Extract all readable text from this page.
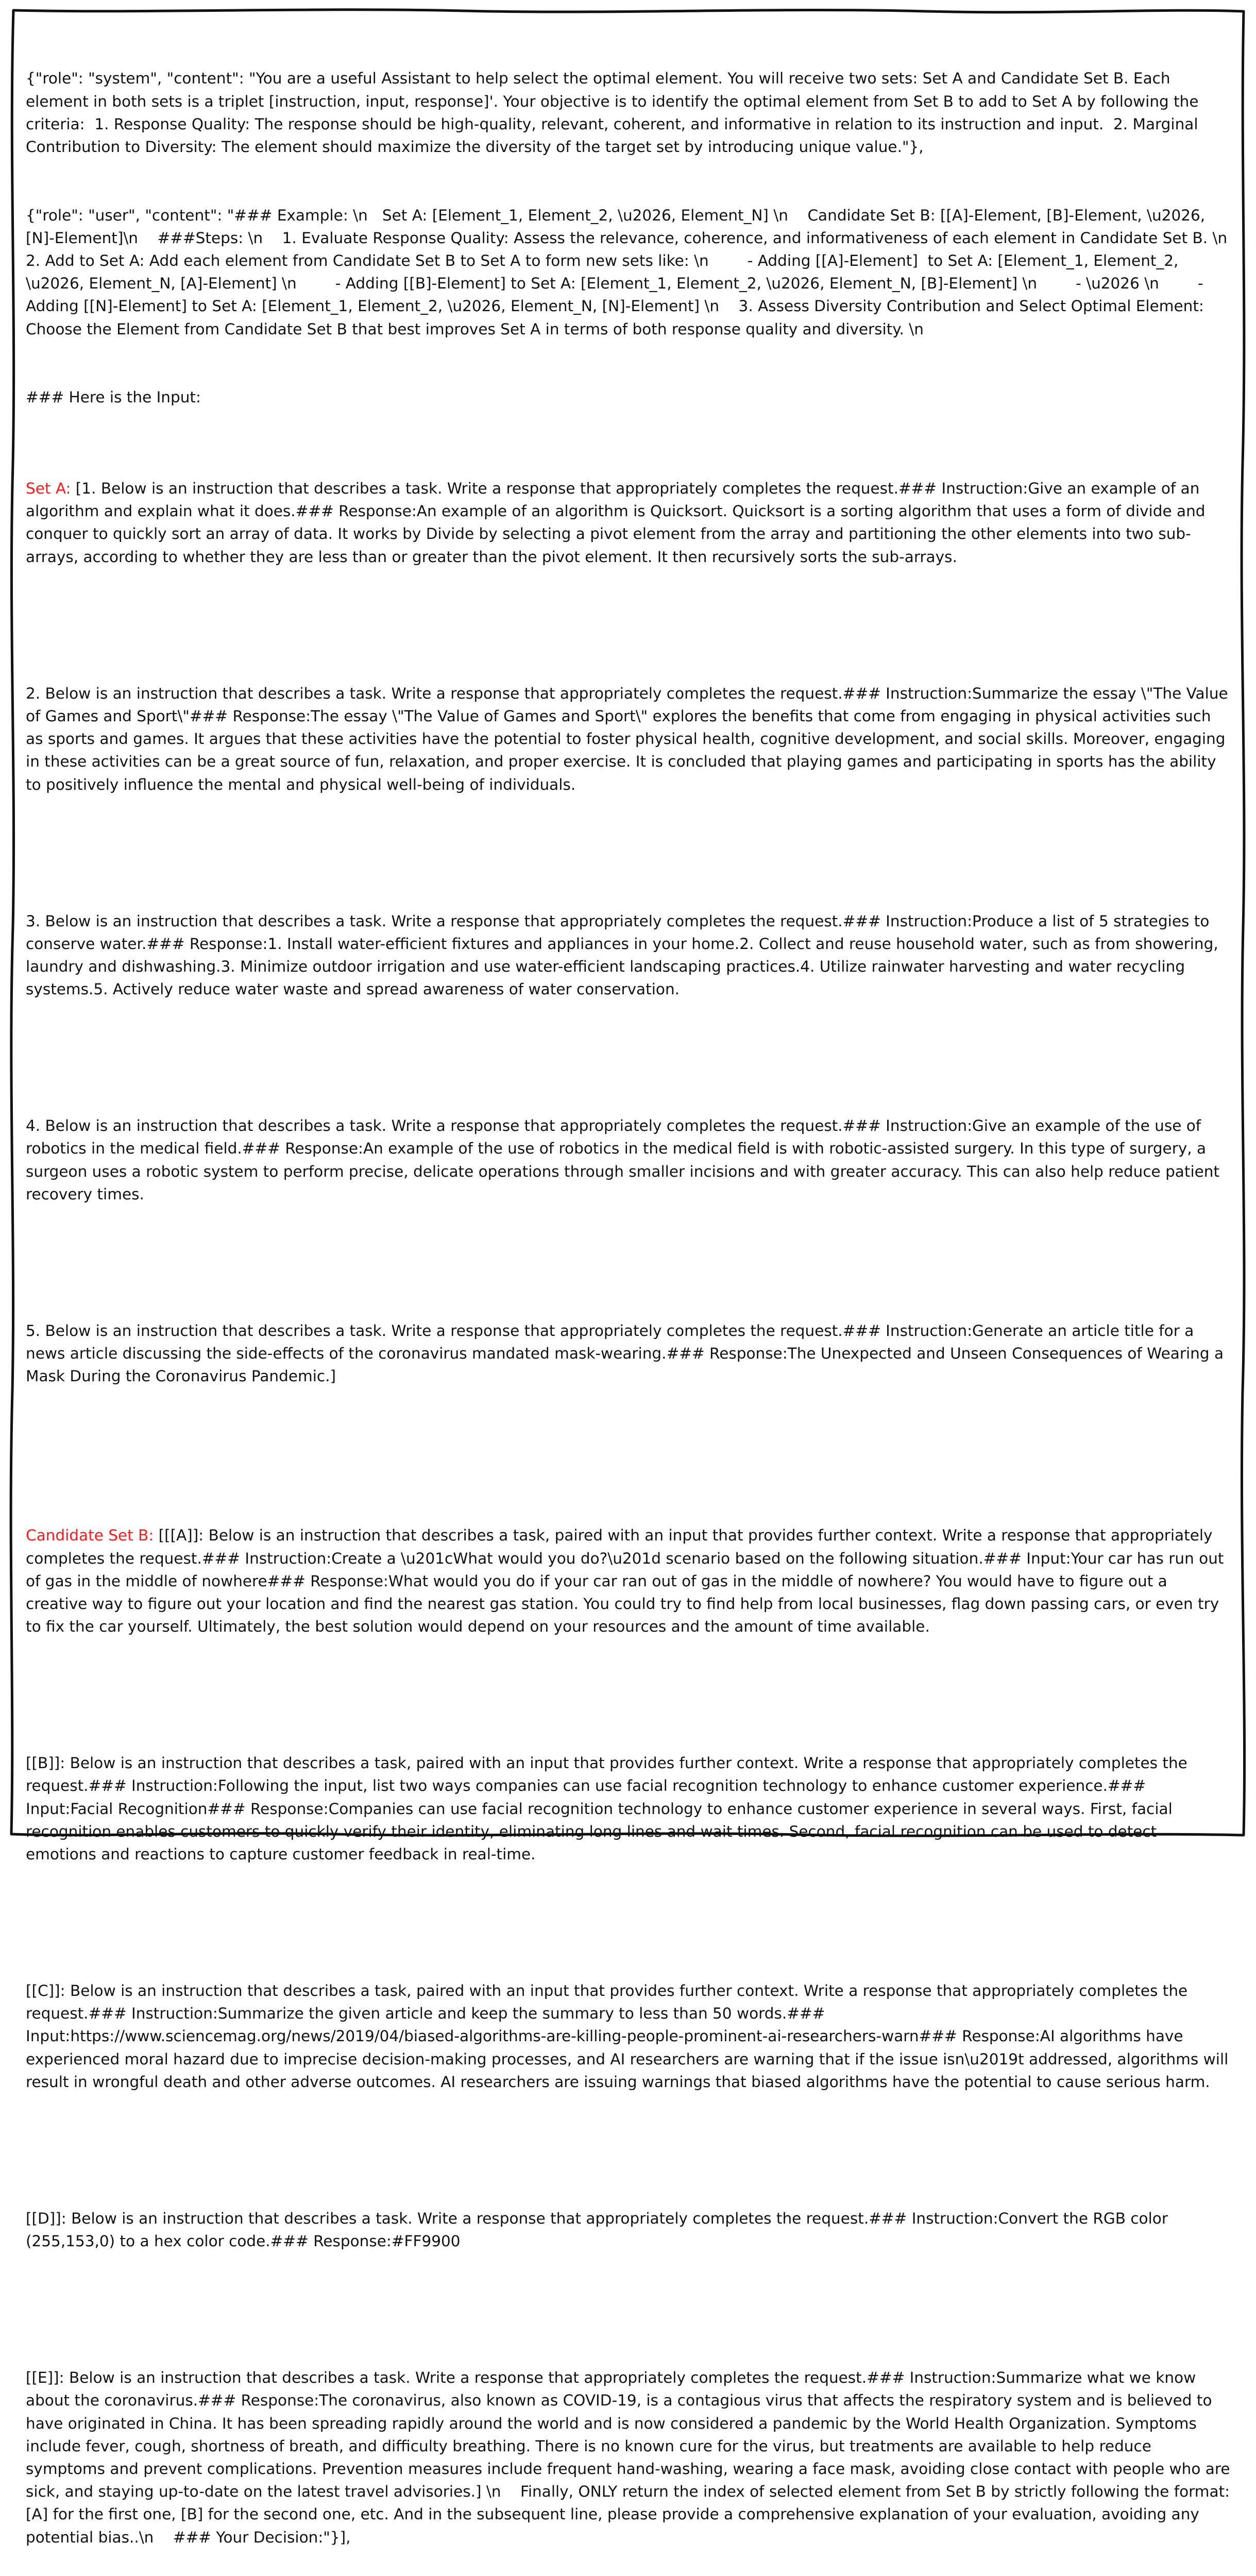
{"role": "system", "content": "You are a useful Assistant to help select the optimal element. You will receive two sets: Set A and Candidate Set B. Each element in both sets is a triplet [instruction, input, response]'. Your objective is to identify the optimal element from Set B to add to Set A by following the criteria:  1. Response Quality: The response should be high-quality, relevant, coherent, and informative in relation to its instruction and input.  2. Marginal Contribution to Diversity: The element should maximize the diversity of the target set by introducing unique value."},

{"role": "user", "content": "### Example: \n   Set A: [Element_1, Element_2, \u2026, Element_N] \n    Candidate Set B: [[A]-Element, [B]-Element, \u2026, [N]-Element]\n    ###Steps: \n    1. Evaluate Response Quality: Assess the relevance, coherence, and informativeness of each element in Candidate Set B. \n    2. Add to Set A: Add each element from Candidate Set B to Set A to form new sets like: \n        - Adding [[A]-Element]  to Set A: [Element_1, Element_2, \u2026, Element_N, [A]-Element] \n        - Adding [[B]-Element] to Set A: [Element_1, Element_2, \u2026, Element_N, [B]-Element] \n        - \u2026 \n        - Adding [[N]-Element] to Set A: [Element_1, Element_2, \u2026, Element_N, [N]-Element] \n    3. Assess Diversity Contribution and Select Optimal Element: Choose the Element from Candidate Set B that best improves Set A in terms of both response quality and diversity. \n

### Here is the Input:

Set A: [1. Below is an instruction that describes a task. Write a response that appropriately completes the request.### Instruction:Give an example of an algorithm and explain what it does.### Response:An example of an algorithm is Quicksort. Quicksort is a sorting algorithm that uses a form of divide and conquer to quickly sort an array of data. It works by Divide by selecting a pivot element from the array and partitioning the other elements into two sub-arrays, according to whether they are less than or greater than the pivot element. It then recursively sorts the sub-arrays.

2. Below is an instruction that describes a task. Write a response that appropriately completes the request.### Instruction:Summarize the essay \"The Value of Games and Sport\"### Response:The essay \"The Value of Games and Sport\" explores the benefits that come from engaging in physical activities such as sports and games. It argues that these activities have the potential to foster physical health, cognitive development, and social skills. Moreover, engaging in these activities can be a great source of fun, relaxation, and proper exercise. It is concluded that playing games and participating in sports has the ability to positively influence the mental and physical well-being of individuals.

3. Below is an instruction that describes a task. Write a response that appropriately completes the request.### Instruction:Produce a list of 5 strategies to conserve water.### Response:1. Install water-efficient fixtures and appliances in your home.2. Collect and reuse household water, such as from showering, laundry and dishwashing.3. Minimize outdoor irrigation and use water-efficient landscaping practices.4. Utilize rainwater harvesting and water recycling systems.5. Actively reduce water waste and spread awareness of water conservation.

4. Below is an instruction that describes a task. Write a response that appropriately completes the request.### Instruction:Give an example of the use of robotics in the medical field.### Response:An example of the use of robotics in the medical field is with robotic-assisted surgery. In this type of surgery, a surgeon uses a robotic system to perform precise, delicate operations through smaller incisions and with greater accuracy. This can also help reduce patient recovery times.

5. Below is an instruction that describes a task. Write a response that appropriately completes the request.### Instruction:Generate an article title for a news article discussing the side-effects of the coronavirus mandated mask-wearing.### Response:The Unexpected and Unseen Consequences of Wearing a Mask During the Coronavirus Pandemic.]

Candidate Set B: [[[A]]: Below is an instruction that describes a task, paired with an input that provides further context. Write a response that appropriately completes the request.### Instruction:Create a \u201cWhat would you do?\u201d scenario based on the following situation.### Input:Your car has run out of gas in the middle of nowhere### Response:What would you do if your car ran out of gas in the middle of nowhere? You would have to figure out a creative way to figure out your location and find the nearest gas station. You could try to find help from local businesses, flag down passing cars, or even try to fix the car yourself. Ultimately, the best solution would depend on your resources and the amount of time available.

[[B]]: Below is an instruction that describes a task, paired with an input that provides further context. Write a response that appropriately completes the request.### Instruction:Following the input, list two ways companies can use facial recognition technology to enhance customer experience.### Input:Facial Recognition### Response:Companies can use facial recognition technology to enhance customer experience in several ways. First, facial recognition enables customers to quickly verify their identity, eliminating long lines and wait times. Second, facial recognition can be used to detect emotions and reactions to capture customer feedback in real-time.

[[C]]: Below is an instruction that describes a task, paired with an input that provides further context. Write a response that appropriately completes the request.### Instruction:Summarize the given article and keep the summary to less than 50 words.### Input:https://www.sciencemag.org/news/2019/04/biased-algorithms-are-killing-people-prominent-ai-researchers-warn### Response:AI algorithms have experienced moral hazard due to imprecise decision-making processes, and AI researchers are warning that if the issue isn\u2019t addressed, algorithms will result in wrongful death and other adverse outcomes. AI researchers are issuing warnings that biased algorithms have the potential to cause serious harm.

[[D]]: Below is an instruction that describes a task. Write a response that appropriately completes the request.### Instruction:Convert the RGB color (255,153,0) to a hex color code.### Response:#FF9900

[[E]]: Below is an instruction that describes a task. Write a response that appropriately completes the request.### Instruction:Summarize what we know about the coronavirus.### Response:The coronavirus, also known as COVID-19, is a contagious virus that affects the respiratory system and is believed to have originated in China. It has been spreading rapidly around the world and is now considered a pandemic by the World Health Organization. Symptoms include fever, cough, shortness of breath, and difficulty breathing. There is no known cure for the virus, but treatments are available to help reduce symptoms and prevent complications. Prevention measures include frequent hand-washing, wearing a face mask, avoiding close contact with people who are sick, and staying up-to-date on the latest travel advisories.] \n    Finally, ONLY return the index of selected element from Set B by strictly following the format: [A] for the first one, [B] for the second one, etc. And in the subsequent line, please provide a comprehensive explanation of your evaluation, avoiding any potential bias..\n    ### Your Decision:"}],
